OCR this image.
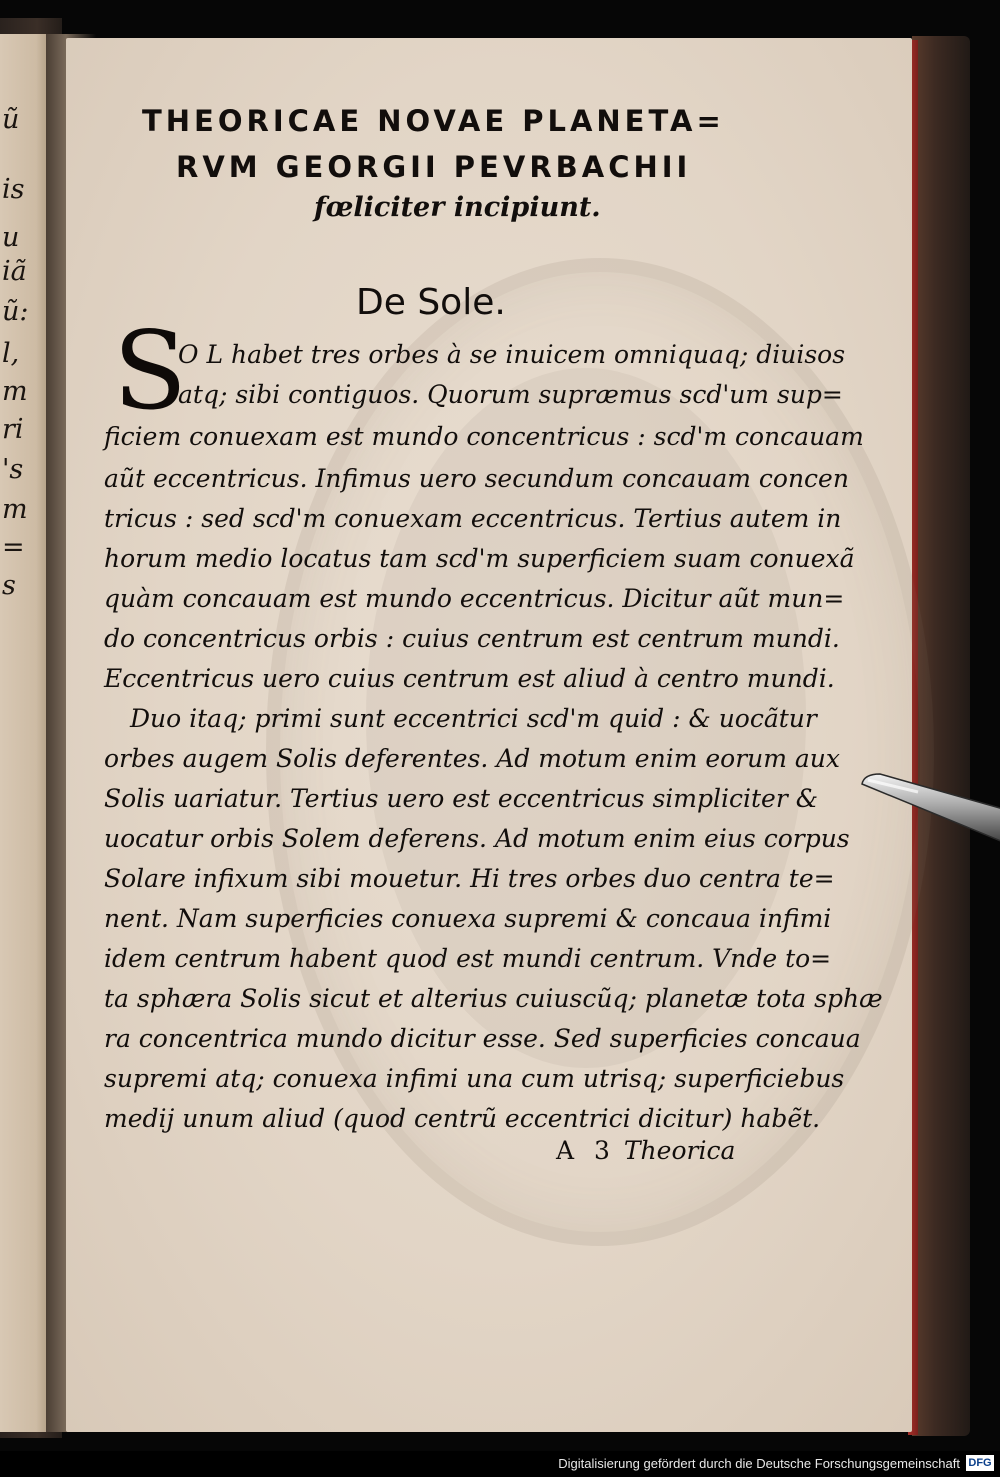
ũ
is
u
iã
ũ:
l,
m
ri
's
m
=
s
THEORICAE NOVAE PLANETA=
RVM GEORGII PEVRBACHII
fœliciter incipiunt.
De Sole.
S
O L habet tres orbes à se inuicem omniquaq; diuisos
atq; sibi contiguos. Quorum supræmus scd'um sup=
ficiem conuexam est mundo concentricus : scd'm concauam
aũt eccentricus. Infimus uero secundum concauam concen
tricus : sed scd'm conuexam eccentricus. Tertius autem in
horum medio locatus tam scd'm superficiem suam conuexã
quàm concauam est mundo eccentricus. Dicitur aũt mun=
do concentricus orbis : cuius centrum est centrum mundi.
Eccentricus uero cuius centrum est aliud à centro mundi.
Duo itaq; primi sunt eccentrici scd'm quid : & uocãtur
orbes augem Solis deferentes. Ad motum enim eorum aux
Solis uariatur. Tertius uero est eccentricus simpliciter &
uocatur orbis Solem deferens. Ad motum enim eius corpus
Solare infixum sibi mouetur. Hi tres orbes duo centra te=
nent. Nam superficies conuexa supremi & concaua infimi
idem centrum habent quod est mundi centrum. Vnde to=
ta sphæra Solis sicut et alterius cuiuscũq; planetæ tota sphæ
ra concentrica mundo dicitur esse. Sed superficies concaua
supremi atq; conuexa infimi una cum utrisq; superficiebus
medij unum aliud (quod centrũ eccentrici dicitur) habẽt.
A 3 Theorica
Digitalisierung gefördert durch die Deutsche Forschungsgemeinschaft DFG
